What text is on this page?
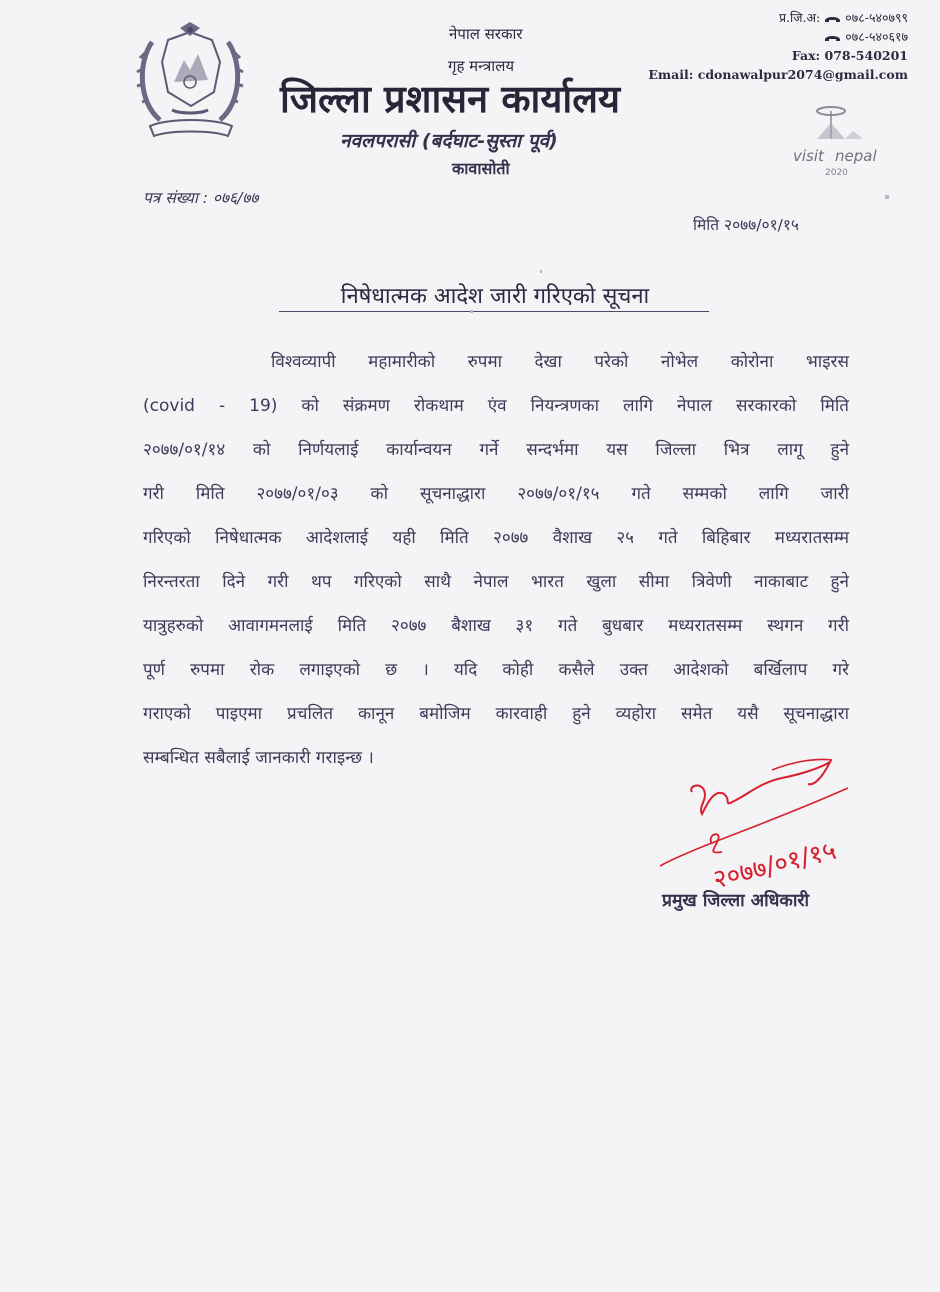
नेपाल सरकार
गृह मन्त्रालय
जिल्ला प्रशासन कार्यालय
नवलपरासी (बर्दघाट-सुस्ता पूर्व)
कावासोती
प्र.जि.अ: ०७८-५४०७९९
०७८-५४०६१७
Fax: 078-540201
Email: cdonawalpur2074@gmail.com
visit nepal
2020
पत्र संख्या : ०७६/७७
मिति २०७७/०१/१५
निषेधात्मक आदेश जारी गरिएको सूचना
विश्वव्यापी महामारीको रुपमा देखा परेको नोभेल कोरोना भाइरस
(covid - 19) को संक्रमण रोकथाम एंव नियन्त्रणका लागि नेपाल सरकारको मिति
२०७७/०१/१४ को निर्णयलाई कार्यान्वयन गर्ने सन्दर्भमा यस जिल्ला भित्र लागू हुने
गरी मिति २०७७/०१/०३ को सूचनाद्धारा २०७७/०१/१५ गते सम्मको लागि जारी
गरिएको निषेधात्मक आदेशलाई यही मिति २०७७ वैशाख २५ गते बिहिबार मध्यरातसम्म
निरन्तरता दिने गरी थप गरिएको साथै नेपाल भारत खुला सीमा त्रिवेणी नाकाबाट हुने
यात्रुहरुको आवागमनलाई मिति २०७७ बैशाख ३१ गते बुधबार मध्यरातसम्म स्थगन गरी
पूर्ण रुपमा रोक लगाइएको छ । यदि कोही कसैले उक्त आदेशको बर्खिलाप गरे
गराएको पाइएमा प्रचलित कानून बमोजिम कारवाही हुने व्यहोरा समेत यसै सूचनाद्धारा
सम्बन्धित सबैलाई जानकारी गराइन्छ ।
२०७७/०१/१५
प्रमुख जिल्ला अधिकारी
